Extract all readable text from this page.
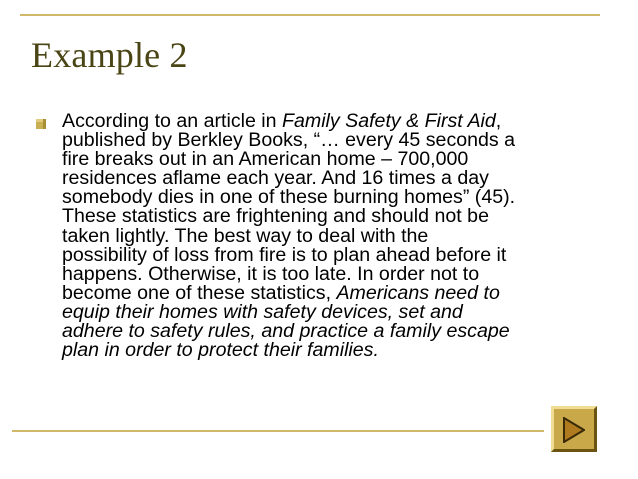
Example 2
According to an article in Family Safety & First Aid,
published by Berkley Books, “… every 45 seconds a
fire breaks out in an American home – 700,000
residences aflame each year. And 16 times a day
somebody dies in one of these burning homes” (45).
These statistics are frightening and should not be
taken lightly. The best way to deal with the
possibility of loss from fire is to plan ahead before it
happens. Otherwise, it is too late. In order not to
become one of these statistics, Americans need to
equip their homes with safety devices, set and
adhere to safety rules, and practice a family escape
plan in order to protect their families.
